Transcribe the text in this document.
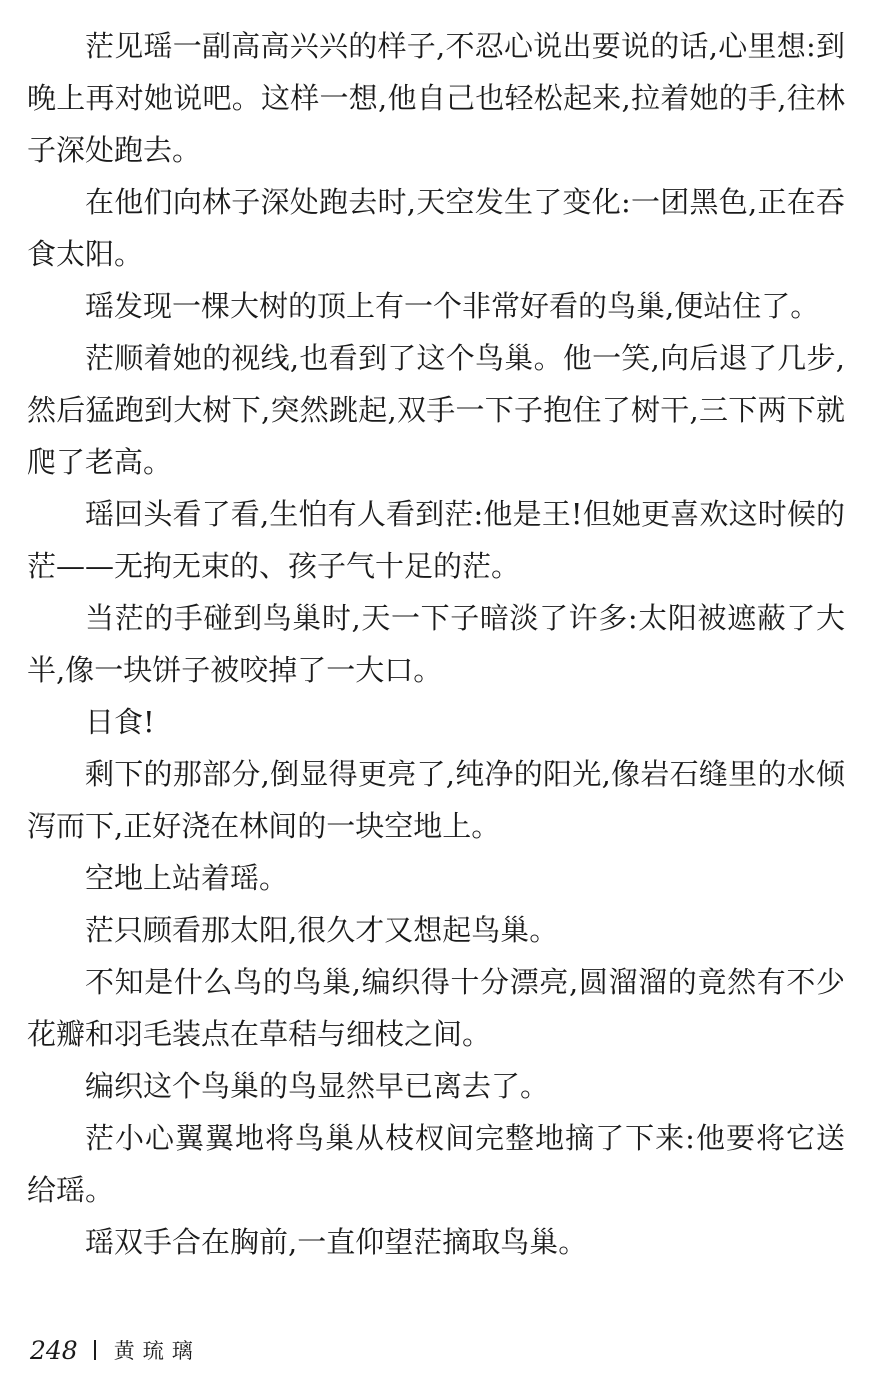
茫见瑶一副高高兴兴的样子,不忍心说出要说的话,心里想:到晚上再对她说吧。这样一想,他自己也轻松起来,拉着她的手,往林子深处跑去。

在他们向林子深处跑去时,天空发生了变化:一团黑色,正在吞食太阳。

瑶发现一棵大树的顶上有一个非常好看的鸟巢,便站住了。

茫顺着她的视线,也看到了这个鸟巢。他一笑,向后退了几步,然后猛跑到大树下,突然跳起,双手一下子抱住了树干,三下两下就爬了老高。

瑶回头看了看,生怕有人看到茫:他是王!但她更喜欢这时候的茫——无拘无束的、孩子气十足的茫。

当茫的手碰到鸟巢时,天一下子暗淡了许多:太阳被遮蔽了大半,像一块饼子被咬掉了一大口。

日食!

剩下的那部分,倒显得更亮了,纯净的阳光,像岩石缝里的水倾泻而下,正好浇在林间的一块空地上。

空地上站着瑶。

茫只顾看那太阳,很久才又想起鸟巢。

不知是什么鸟的鸟巢,编织得十分漂亮,圆溜溜的竟然有不少花瓣和羽毛装点在草秸与细枝之间。

编织这个鸟巢的鸟显然早已离去了。

茫小心翼翼地将鸟巢从枝杈间完整地摘了下来:他要将它送给瑶。

瑶双手合在胸前,一直仰望茫摘取鸟巢。

248 黄琉璃
